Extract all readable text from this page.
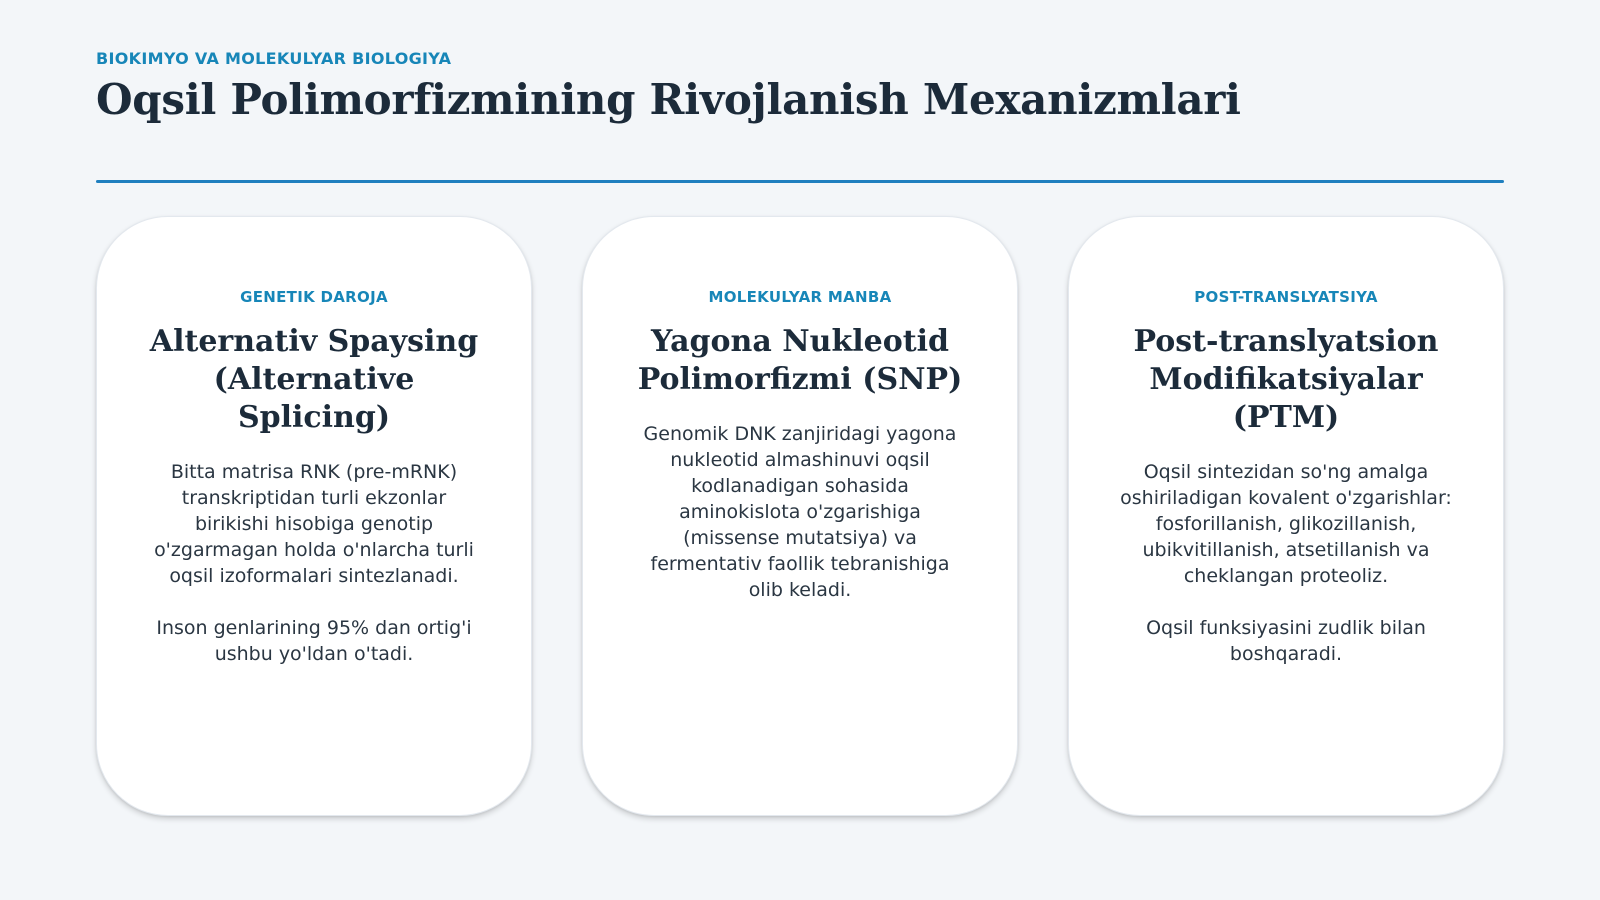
BIOKIMYO VA MOLEKULYAR BIOLOGIYA
Oqsil Polimorfizmining Rivojlanish Mexanizmlari
GENETIK DAROJA
Alternativ Spaysing (Alternative Splicing)
Bitta matrisa RNK (pre-mRNK) transkriptidan turli ekzonlar birikishi hisobiga genotip o'zgarmagan holda o'nlarcha turli oqsil izoformalari sintezlanadi.
Inson genlarining 95% dan ortig'i ushbu yo'ldan o'tadi.
MOLEKULYAR MANBA
Yagona Nukleotid Polimorfizmi (SNP)
Genomik DNK zanjiridagi yagona nukleotid almashinuvi oqsil kodlanadigan sohasida aminokislota o'zgarishiga (missense mutatsiya) va fermentativ faollik tebranishiga olib keladi.
POST-TRANSLYATSIYA
Post-translyatsion Modifikatsiyalar (PTM)
Oqsil sintezidan so'ng amalga oshiriladigan kovalent o'zgarishlar: fosforillanish, glikozillanish, ubikvitillanish, atsetillanish va cheklangan proteoliz.
Oqsil funksiyasini zudlik bilan boshqaradi.
